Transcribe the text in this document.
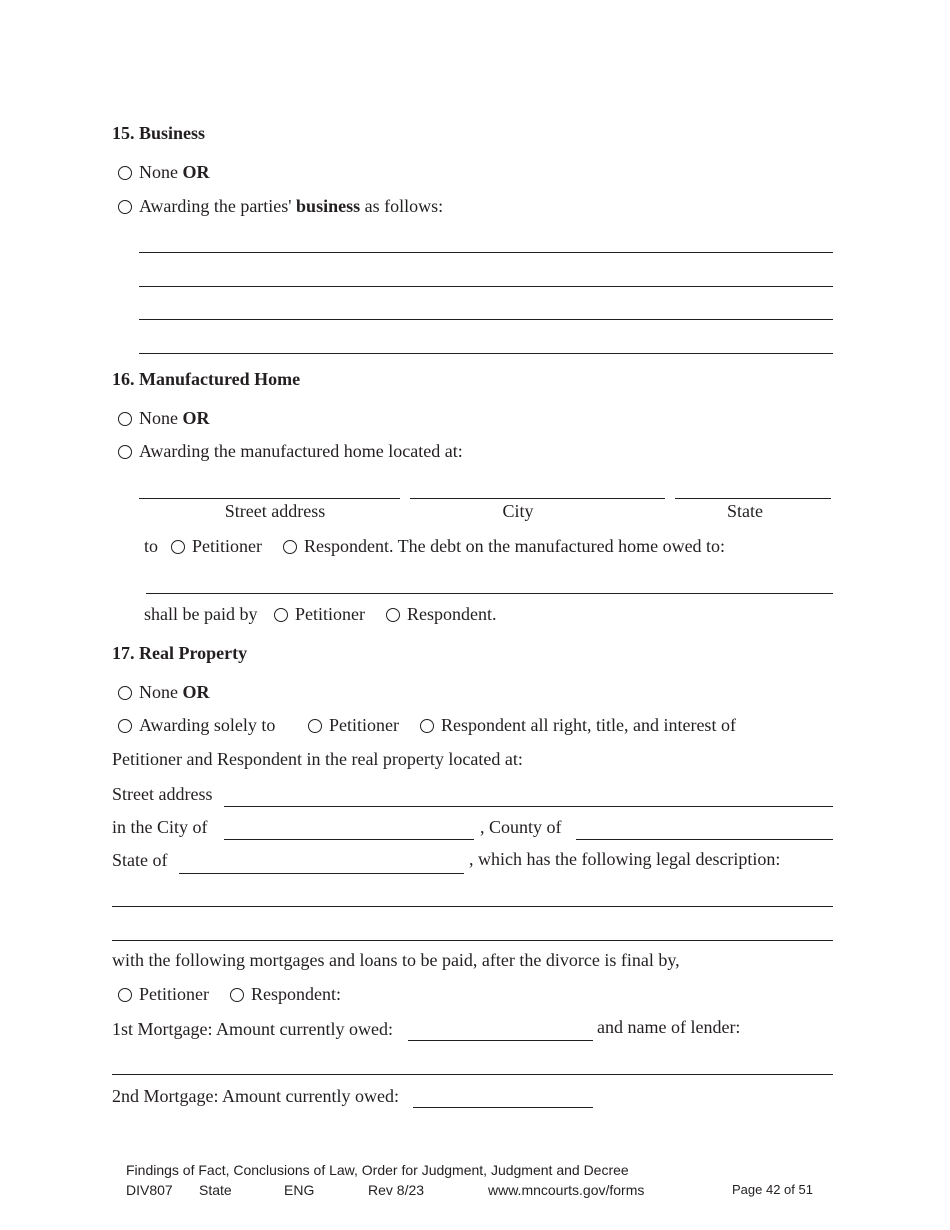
15. Business
None OR
Awarding the parties' business as follows:
16. Manufactured Home
None OR
Awarding the manufactured home located at:
Street address	City	State
to Petitioner Respondent. The debt on the manufactured home owed to:
shall be paid by Petitioner Respondent.
17. Real Property
None OR
Awarding solely to	Petitioner Respondent all right, title, and interest of
Petitioner and Respondent in the real property located at:
Street address
in the City of	, County of
State of	, which has the following legal description:
with the following mortgages and loans to be paid, after the divorce is final by,
Petitioner Respondent:
1st Mortgage: Amount currently owed:	and name of lender:
2nd Mortgage: Amount currently owed:
Findings of Fact, Conclusions of Law, Order for Judgment, Judgment and Decree
DIV807 State	ENG	Rev 8/23	www.mncourts.gov/forms	Page 42 of 51
